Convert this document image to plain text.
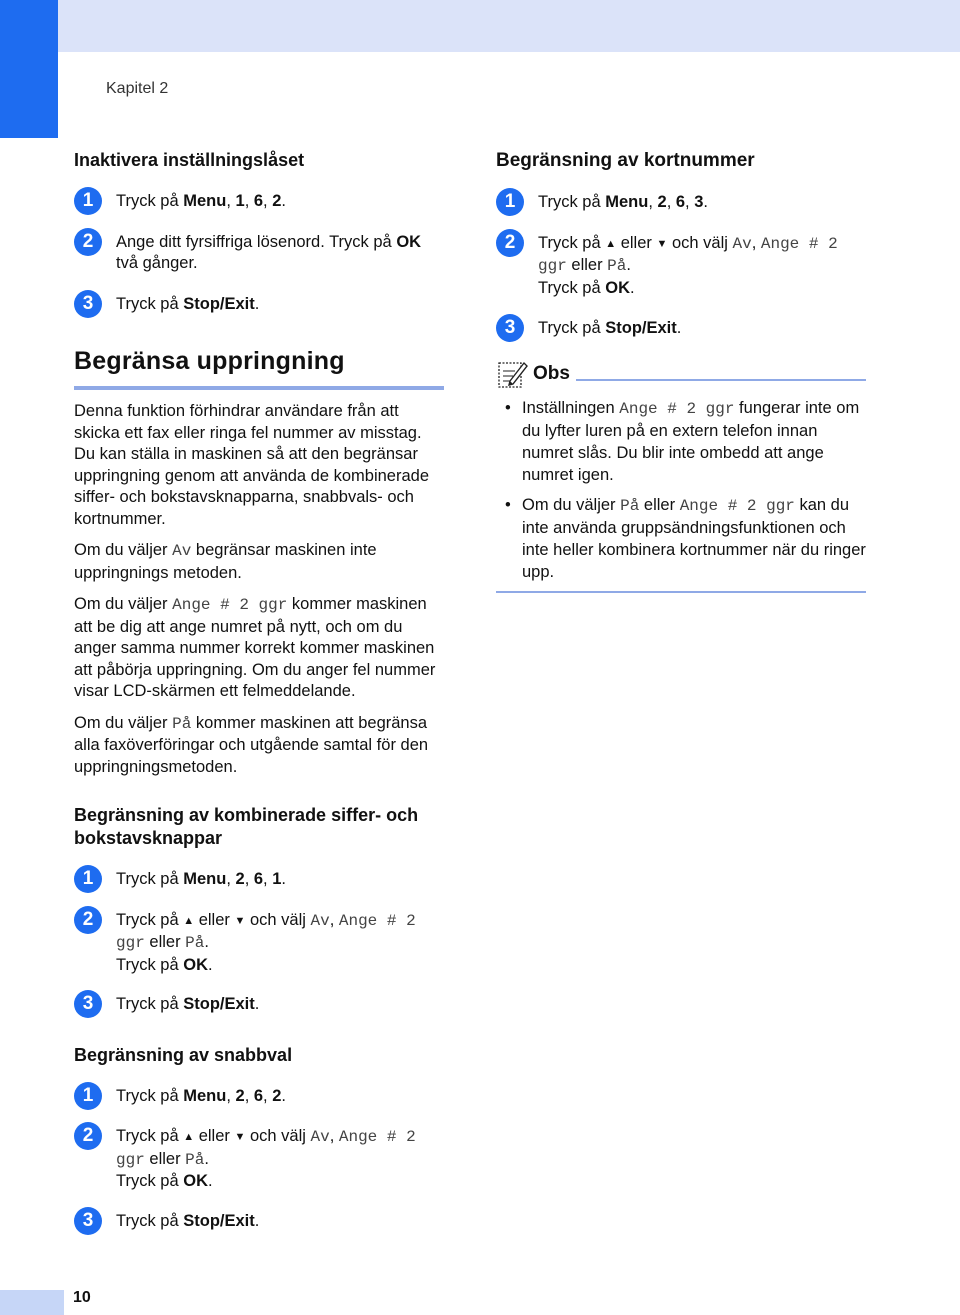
Kapitel 2
Inaktivera inställningslåset
1	Tryck på Menu, 1, 6, 2.
2	Ange ditt fyrsiffriga lösenord. Tryck på OK två gånger.
3	Tryck på Stop/Exit.
Begränsa uppringning

Denna funktion förhindrar användare från att skicka ett fax eller ringa fel nummer av misstag. Du kan ställa in maskinen så att den begränsar uppringning genom att använda de kombinerade siffer- och bokstavsknapparna, snabbvals- och kortnummer.

Om du väljer Av begränsar maskinen inte uppringnings metoden.

Om du väljer Ange # 2 ggr kommer maskinen att be dig att ange numret på nytt, och om du anger samma nummer korrekt kommer maskinen att påbörja uppringning. Om du anger fel nummer visar LCD-skärmen ett felmeddelande.

Om du väljer På kommer maskinen att begränsa alla faxöverföringar och utgående samtal för den uppringningsmetoden.

Begränsning av kombinerade siffer- och bokstavsknappar
1	Tryck på Menu, 2, 6, 1.
2	Tryck på ▲ eller ▼ och välj Av, Ange # 2 ggr eller På.
Tryck på OK.
3	Tryck på Stop/Exit.
Begränsning av snabbval
1	Tryck på Menu, 2, 6, 2.
2	Tryck på ▲ eller ▼ och välj Av, Ange # 2 ggr eller På.
Tryck på OK.
3	Tryck på Stop/Exit.
Begränsning av kortnummer
1	Tryck på Menu, 2, 6, 3.
2	Tryck på ▲ eller ▼ och välj Av, Ange # 2 ggr eller På.
Tryck på OK.
3	Tryck på Stop/Exit.
Obs
• Inställningen Ange # 2 ggr fungerar inte om du lyfter luren på en extern telefon innan numret slås. Du blir inte ombedd att ange numret igen.
• Om du väljer På eller Ange # 2 ggr kan du inte använda gruppsändningsfunktionen och inte heller kombinera kortnummer när du ringer upp.
10
